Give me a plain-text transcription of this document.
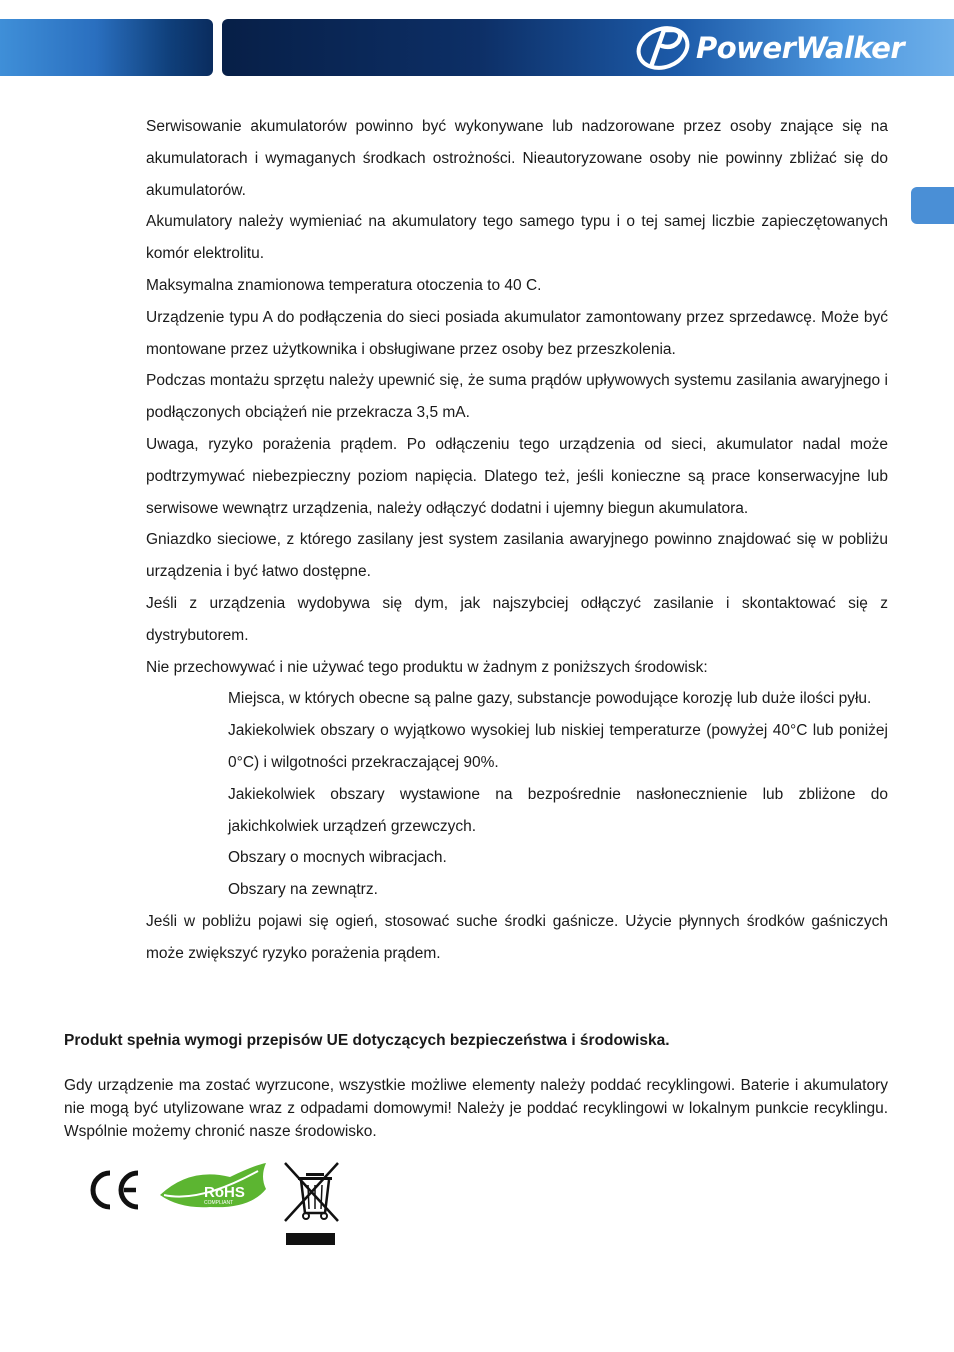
PowerWalker

Serwisowanie akumulatorów powinno być wykonywane lub nadzorowane przez osoby znające się na akumulatorach i wymaganych środkach ostrożności. Nieautoryzowane osoby nie powinny zbliżać się do akumulatorów.

Akumulatory należy wymieniać na akumulatory tego samego typu i o tej samej liczbie zapieczętowanych komór elektrolitu.

Maksymalna znamionowa temperatura otoczenia to 40 C.

Urządzenie typu A do podłączenia do sieci posiada akumulator zamontowany przez sprzedawcę. Może być montowane przez użytkownika i obsługiwane przez osoby bez przeszkolenia.

Podczas montażu sprzętu należy upewnić się, że suma prądów upływowych systemu zasilania awaryjnego i podłączonych obciążeń nie przekracza 3,5 mA.

Uwaga, ryzyko porażenia prądem. Po odłączeniu tego urządzenia od sieci, akumulator nadal może podtrzymywać niebezpieczny poziom napięcia. Dlatego też, jeśli konieczne są prace konserwacyjne lub serwisowe wewnątrz urządzenia, należy odłączyć dodatni i ujemny biegun akumulatora.

Gniazdko sieciowe, z którego zasilany jest system zasilania awaryjnego powinno znajdować się w pobliżu urządzenia i być łatwo dostępne.

Jeśli z urządzenia wydobywa się dym, jak najszybciej odłączyć zasilanie i skontaktować się z dystrybutorem.

Nie przechowywać i nie używać tego produktu w żadnym z poniższych środowisk:

Miejsca, w których obecne są palne gazy, substancje powodujące korozję lub duże ilości pyłu.

Jakiekolwiek obszary o wyjątkowo wysokiej lub niskiej temperaturze (powyżej 40°C lub poniżej 0°C) i wilgotności przekraczającej 90%.

Jakiekolwiek obszary wystawione na bezpośrednie nasłonecznienie lub zbliżone do jakichkolwiek urządzeń grzewczych.

Obszary o mocnych wibracjach.

Obszary na zewnątrz.

Jeśli w pobliżu pojawi się ogień, stosować suche środki gaśnicze. Użycie płynnych środków gaśniczych może zwiększyć ryzyko porażenia prądem.

Produkt spełnia wymogi przepisów UE dotyczących bezpieczeństwa i środowiska.

Gdy urządzenie ma zostać wyrzucone, wszystkie możliwe elementy należy poddać recyklingowi. Baterie i akumulatory nie mogą być utylizowane wraz z odpadami domowymi! Należy je poddać recyklingowi w lokalnym punkcie recyklingu. Wspólnie możemy chronić nasze środowisko.

RoHS
COMPLIANT
